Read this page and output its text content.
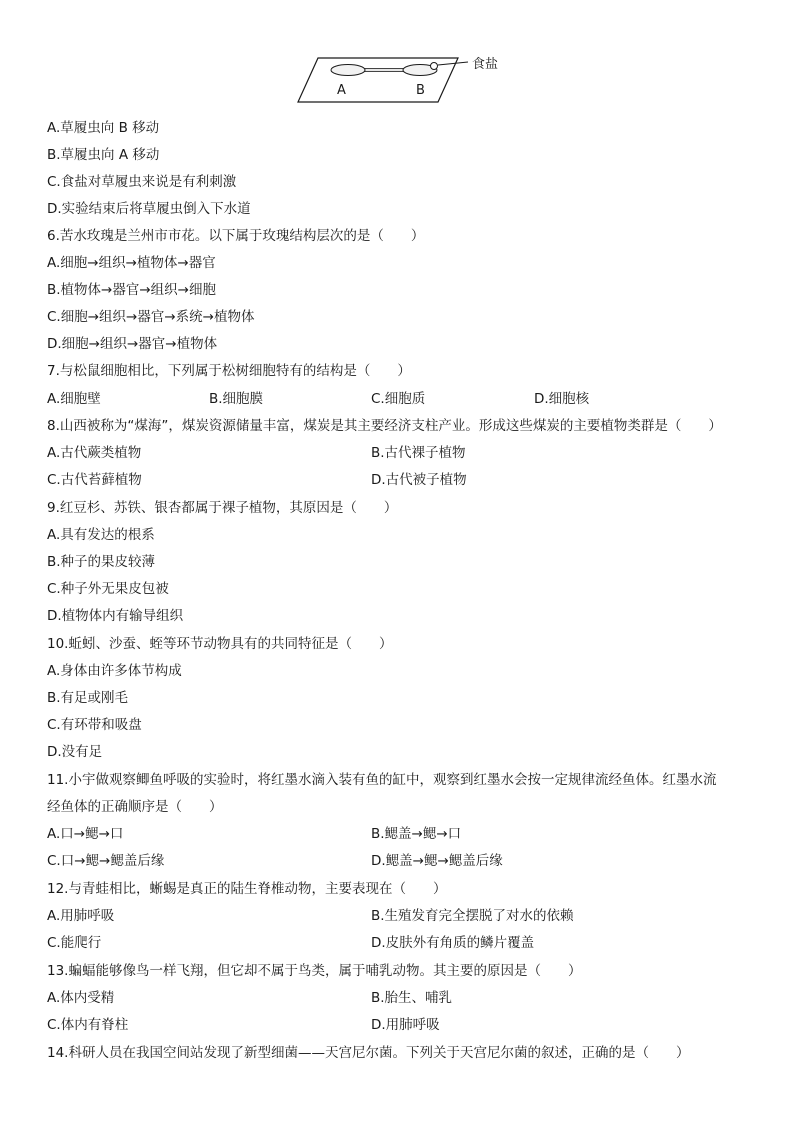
A	B
食盐
A.草履虫向 B 移动
B.草履虫向 A 移动
C.食盐对草履虫来说是有利刺激
D.实验结束后将草履虫倒入下水道
6.苦水玫瑰是兰州市市花。以下属于玫瑰结构层次的是（　　）
A.细胞→组织→植物体→器官
B.植物体→器官→组织→细胞
C.细胞→组织→器官→系统→植物体
D.细胞→组织→器官→植物体
7.与松鼠细胞相比，下列属于松树细胞特有的结构是（　　）
A.细胞壁	B.细胞膜	C.细胞质	D.细胞核
8.山西被称为“煤海”，煤炭资源储量丰富，煤炭是其主要经济支柱产业。形成这些煤炭的主要植物类群是（　　）
A.古代蕨类植物	B.古代裸子植物
C.古代苔藓植物	D.古代被子植物
9.红豆杉、苏铁、银杏都属于裸子植物，其原因是（　　）
A.具有发达的根系
B.种子的果皮较薄
C.种子外无果皮包被
D.植物体内有输导组织
10.蚯蚓、沙蚕、蛭等环节动物具有的共同特征是（　　）
A.身体由许多体节构成
B.有足或刚毛
C.有环带和吸盘
D.没有足
11.小宇做观察鲫鱼呼吸的实验时，将红墨水滴入装有鱼的缸中，观察到红墨水会按一定规律流经鱼体。红墨水流
经鱼体的正确顺序是（　　）
A.口→鳃→口	B.鳃盖→鳃→口
C.口→鳃→鳃盖后缘	D.鳃盖→鳃→鳃盖后缘
12.与青蛙相比，蜥蜴是真正的陆生脊椎动物，主要表现在（　　）
A.用肺呼吸	B.生殖发育完全摆脱了对水的依赖
C.能爬行	D.皮肤外有角质的鳞片覆盖
13.蝙蝠能够像鸟一样飞翔，但它却不属于鸟类，属于哺乳动物。其主要的原因是（　　）
A.体内受精	B.胎生、哺乳
C.体内有脊柱	D.用肺呼吸
14.科研人员在我国空间站发现了新型细菌——天宫尼尔菌。下列关于天宫尼尔菌的叙述，正确的是（　　）
